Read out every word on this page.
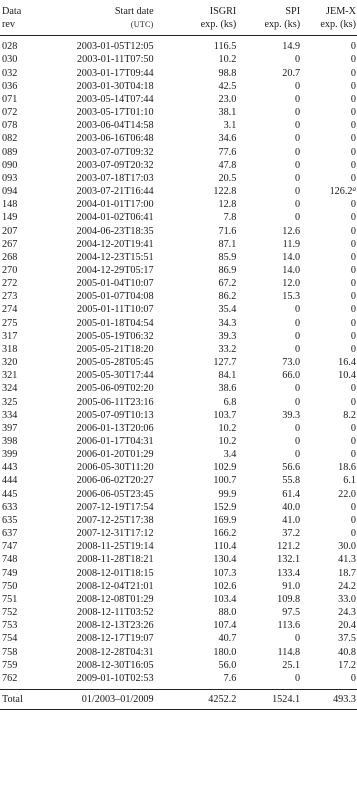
Data	Start date	ISGRI	SPI	JEM-X
rev	(UTC)	exp. (ks)	exp. (ks)	exp. (ks)
028	2003-01-05T12:05	116.5	14.9	0
030	2003-01-11T07:50	10.2	0	0
032	2003-01-17T09:44	98.8	20.7	0
036	2003-01-30T04:18	42.5	0	0
071	2003-05-14T07:44	23.0	0	0
072	2003-05-17T01:10	38.1	0	0
078	2003-06-04T14:58	3.1	0	0
082	2003-06-16T06:48	34.6	0	0
089	2003-07-07T09:32	77.6	0	0
090	2003-07-09T20:32	47.8	0	0
093	2003-07-18T17:03	20.5	0	0
094	2003-07-21T16:44	122.8	0	126.2$^a$
148	2004-01-01T17:00	12.8	0	0
149	2004-01-02T06:41	7.8	0	0
207	2004-06-23T18:35	71.6	12.6	0
267	2004-12-20T19:41	87.1	11.9	0
268	2004-12-23T15:51	85.9	14.0	0
270	2004-12-29T05:17	86.9	14.0	0
272	2005-01-04T10:07	67.2	12.0	0
273	2005-01-07T04:08	86.2	15.3	0
274	2005-01-11T10:07	35.4	0	0
275	2005-01-18T04:54	34.3	0	0
317	2005-05-19T06:32	39.3	0	0
318	2005-05-21T18:20	33.2	0	0
320	2005-05-28T05:45	127.7	73.0	16.4
321	2005-05-30T17:44	84.1	66.0	10.4
324	2005-06-09T02:20	38.6	0	0
325	2005-06-11T23:16	6.8	0	0
334	2005-07-09T10:13	103.7	39.3	8.2
397	2006-01-13T20:06	10.2	0	0
398	2006-01-17T04:31	10.2	0	0
399	2006-01-20T01:29	3.4	0	0
443	2006-05-30T11:20	102.9	56.6	18.6
444	2006-06-02T20:27	100.7	55.8	6.1
445	2006-06-05T23:45	99.9	61.4	22.0
633	2007-12-19T17:54	152.9	40.0	0
635	2007-12-25T17:38	169.9	41.0	0
637	2007-12-31T17:12	166.2	37.2	0
747	2008-11-25T19:14	110.4	121.2	30.0
748	2008-11-28T18:21	130.4	132.1	41.3
749	2008-12-01T18:15	107.3	133.4	18.7
750	2008-12-04T21:01	102.6	91.0	24.2
751	2008-12-08T01:29	103.4	109.8	33.0
752	2008-12-11T03:52	88.0	97.5	24.3
753	2008-12-13T23:26	107.4	113.6	20.4
754	2008-12-17T19:07	40.7	0	37.5
758	2008-12-28T04:31	180.0	114.8	40.8
759	2008-12-30T16:05	56.0	25.1	17.2
762	2009-01-10T02:53	7.6	0	0
Total	01/2003–01/2009	4252.2	1524.1	493.3
